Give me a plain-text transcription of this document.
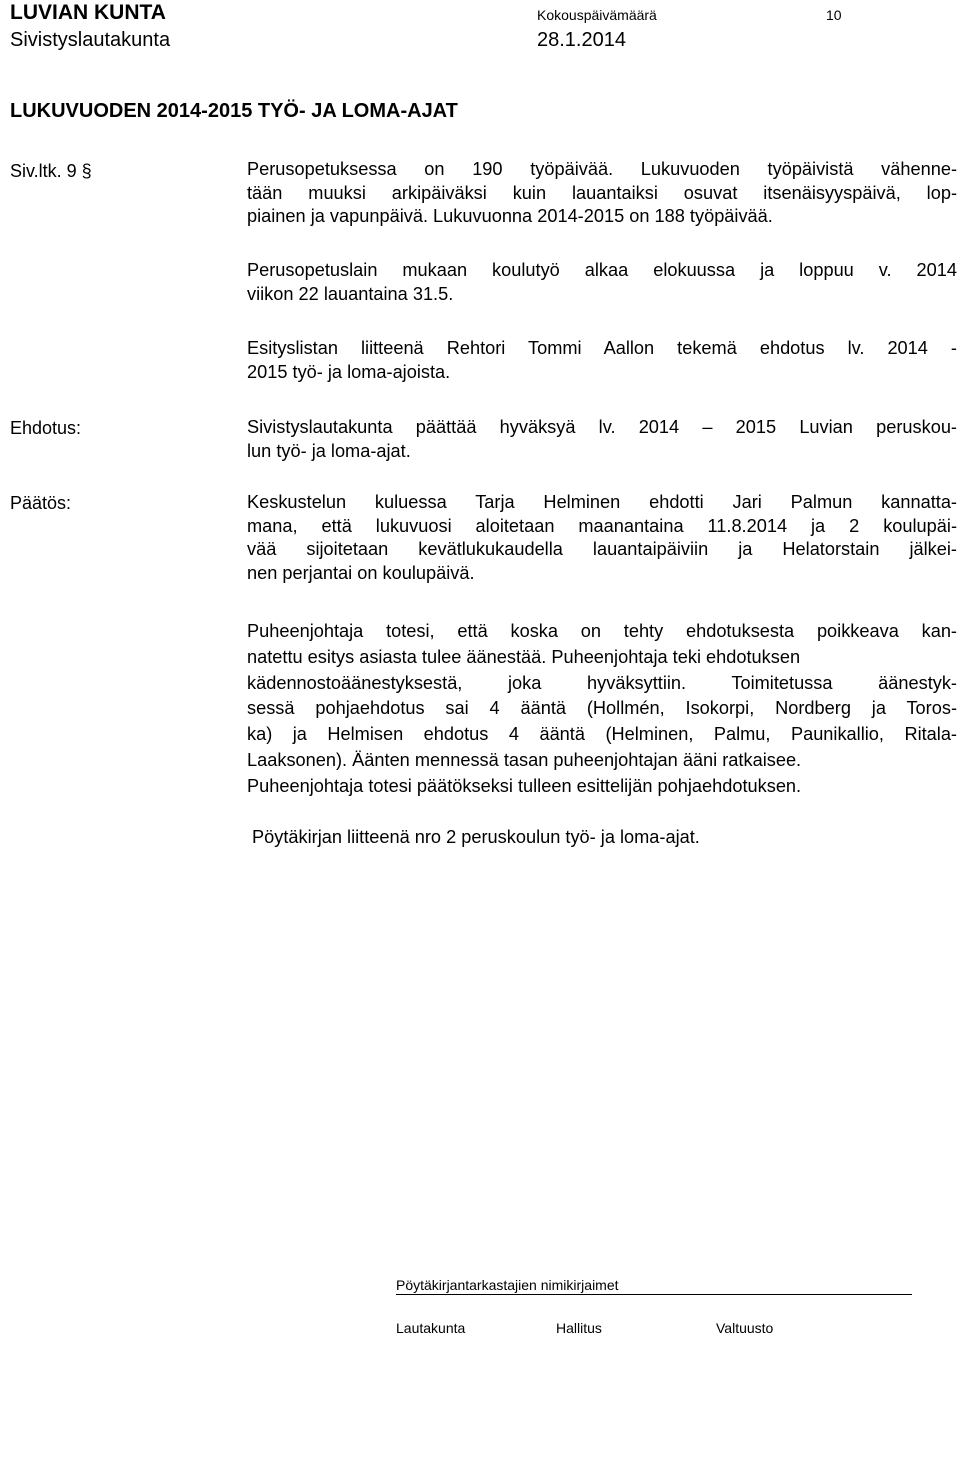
LUVIAN KUNTA
Sivistyslautakunta
Kokouspäivämäärä
28.1.2014
10
LUKUVUODEN 2014-2015 TYÖ- JA LOMA-AJAT
Siv.ltk. 9 §
Ehdotus:
Päätös:
Perusopetuksessa on 190 työpäivää. Lukuvuoden työpäivistä vähenne-
tään muuksi arkipäiväksi kuin lauantaiksi osuvat itsenäisyyspäivä, lop-
piainen ja vapunpäivä. Lukuvuonna 2014-2015 on 188 työpäivää.
Perusopetuslain mukaan koulutyö alkaa elokuussa ja loppuu v. 2014
viikon 22 lauantaina 31.5.
Esityslistan liitteenä Rehtori Tommi Aallon tekemä ehdotus lv. 2014 -
2015 työ- ja loma-ajoista.
Sivistyslautakunta päättää hyväksyä lv. 2014 – 2015 Luvian peruskou-
lun työ- ja loma-ajat.
Keskustelun kuluessa Tarja Helminen ehdotti Jari Palmun kannatta-
mana, että lukuvuosi aloitetaan maanantaina 11.8.2014 ja 2 koulupäi-
vää sijoitetaan kevätlukukaudella lauantaipäiviin ja Helatorstain jälkei-
nen perjantai on koulupäivä.
Puheenjohtaja totesi, että koska on tehty ehdotuksesta poikkeava kan-
natettu esitys asiasta tulee äänestää. Puheenjohtaja teki ehdotuksen
kädennostoäänestyksestä, joka hyväksyttiin. Toimitetussa äänestyk-
sessä pohjaehdotus sai 4 ääntä (Hollmén, Isokorpi, Nordberg ja Toros-
ka) ja Helmisen ehdotus 4 ääntä (Helminen, Palmu, Paunikallio, Ritala-
Laaksonen). Äänten mennessä tasan puheenjohtajan ääni ratkaisee.
Puheenjohtaja totesi päätökseksi tulleen esittelijän pohjaehdotuksen.
Pöytäkirjan liitteenä nro 2 peruskoulun työ- ja loma-ajat.
Pöytäkirjantarkastajien nimikirjaimet
Lautakunta	Hallitus	Valtuusto
